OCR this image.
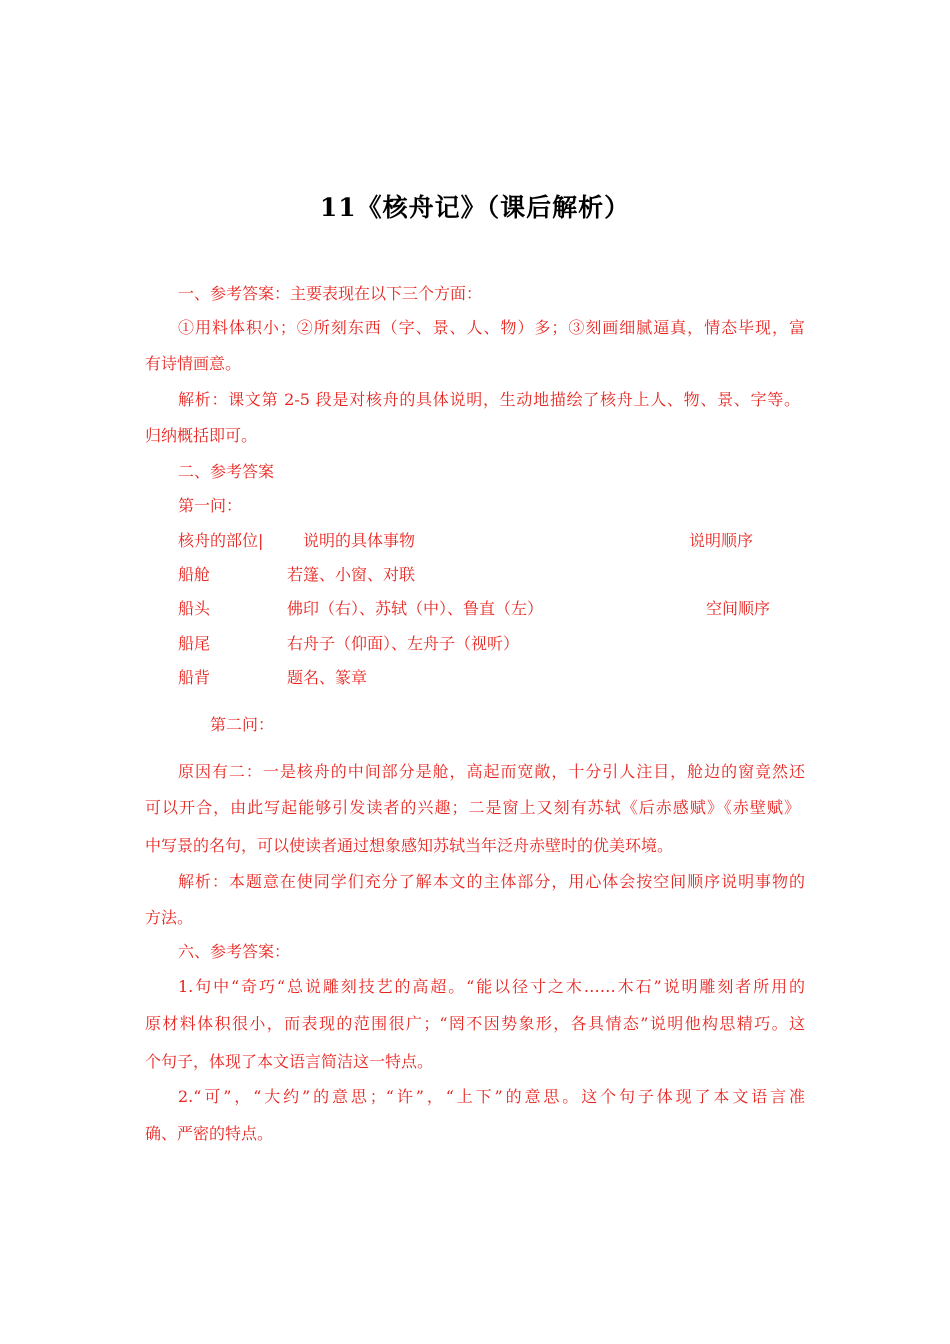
11《核舟记》（课后解析）
一、参考答案：主要表现在以下三个方面：
①用料体积小；②所刻东西（字、景、人、物）多；③刻画细腻逼真，情态毕现，富
有诗情画意。
解析：课文第 2-5 段是对核舟的具体说明，生动地描绘了核舟上人、物、景、字等。
归纳概括即可。
二、参考答案
第一问：
核舟的部位| 说明的具体事物	说明顺序
船舱	若篷、小窗、对联
船头	佛印（右）、苏轼（中）、鲁直（左）	空间顺序
船尾	右舟子（仰面）、左舟子（视听）
船背	题名、篆章
第二问：
原因有二：一是核舟的中间部分是舱，高起而宽敞，十分引人注目，舱边的窗竟然还
可以开合，由此写起能够引发读者的兴趣；二是窗上又刻有苏轼《后赤感赋》《赤壁赋》
中写景的名句，可以使读者通过想象感知苏轼当年泛舟赤壁时的优美环境。
解析：本题意在使同学们充分了解本文的主体部分，用心体会按空间顺序说明事物的
方法。
六、参考答案：
1.句中“奇巧“总说雕刻技艺的高超。“能以径寸之木……木石”说明雕刻者所用的
原材料体积很小，而表现的范围很广；“罔不因势象形，各具情态”说明他构思精巧。这
个句子，体现了本文语言简洁这一特点。
2.“可”，“大约”的意思；“许”，“上下”的意思。这个句子体现了本文语言准
确、严密的特点。
